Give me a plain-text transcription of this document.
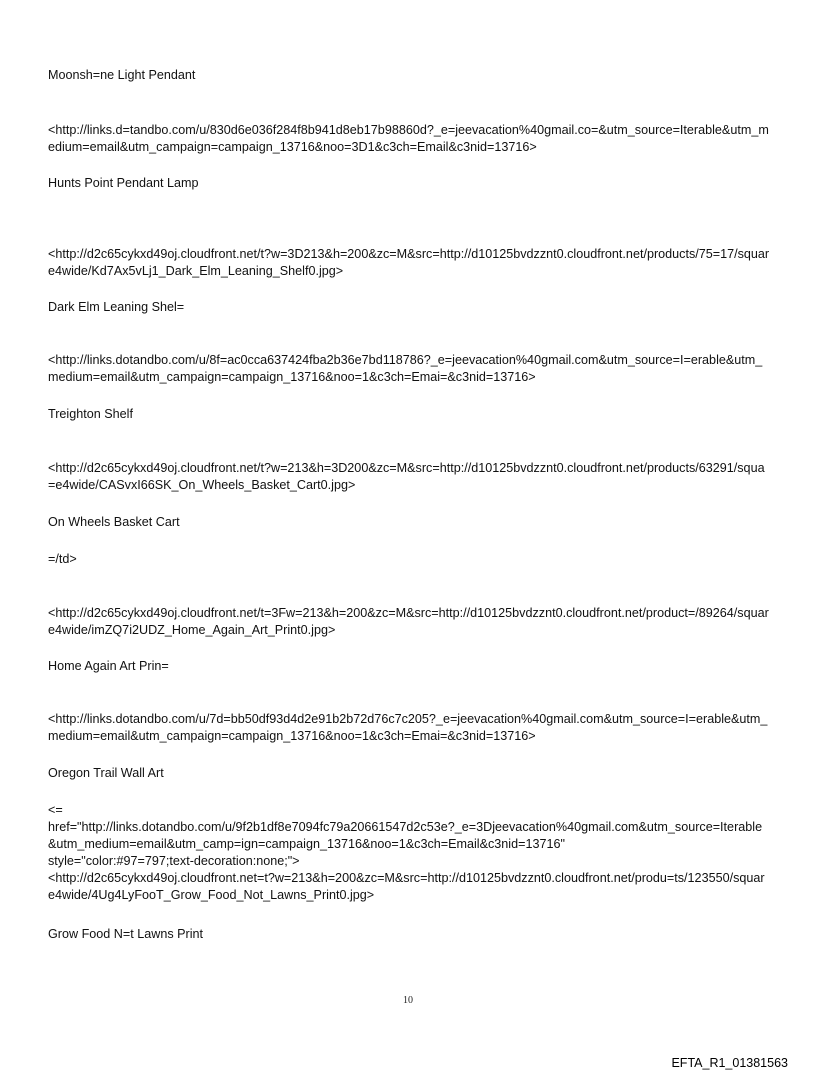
Moonsh=ne Light Pendant
<http://links.d=tandbo.com/u/830d6e036f284f8b941d8eb17b98860d?_e=jeevacation%40gmail.co=&utm_source=Iterable&utm_medium=email&utm_campaign=campaign_13716&noo=3D1&c3ch=Email&c3nid=13716>
Hunts Point Pendant Lamp
<http://d2c65cykxd49oj.cloudfront.net/t?w=3D213&h=200&zc=M&src=http://d10125bvdzznt0.cloudfront.net/products/75=17/square4wide/Kd7Ax5vLj1_Dark_Elm_Leaning_Shelf0.jpg>
Dark Elm Leaning Shel=
<http://links.dotandbo.com/u/8f=ac0cca637424fba2b36e7bd118786?_e=jeevacation%40gmail.com&utm_source=I=erable&utm_medium=email&utm_campaign=campaign_13716&noo=1&c3ch=Emai=&c3nid=13716>
Treighton Shelf
<http://d2c65cykxd49oj.cloudfront.net/t?w=213&h=3D200&zc=M&src=http://d10125bvdzznt0.cloudfront.net/products/63291/squa=e4wide/CASvxI66SK_On_Wheels_Basket_Cart0.jpg>
On Wheels Basket Cart
=/td>
<http://d2c65cykxd49oj.cloudfront.net/t=3Fw=213&h=200&zc=M&src=http://d10125bvdzznt0.cloudfront.net/product=/89264/square4wide/imZQ7i2UDZ_Home_Again_Art_Print0.jpg>
Home Again Art Prin=
<http://links.dotandbo.com/u/7d=bb50df93d4d2e91b2b72d76c7c205?_e=jeevacation%40gmail.com&utm_source=I=erable&utm_medium=email&utm_campaign=campaign_13716&noo=1&c3ch=Emai=&c3nid=13716>
Oregon Trail Wall Art
<=
href="http://links.dotandbo.com/u/9f2b1df8e7094fc79a20661547d2c53e?_e=3Djeevacation%40gmail.com&utm_source=Iterable&utm_medium=email&utm_camp=ign=campaign_13716&noo=1&c3ch=Email&c3nid=13716"
style="color:#97=797;text-decoration:none;">
<http://d2c65cykxd49oj.cloudfront.net=t?w=213&h=200&zc=M&src=http://d10125bvdzznt0.cloudfront.net/produ=ts/123550/square4wide/4Ug4LyFooT_Grow_Food_Not_Lawns_Print0.jpg>
Grow Food N=t Lawns Print
10
EFTA_R1_01381563
